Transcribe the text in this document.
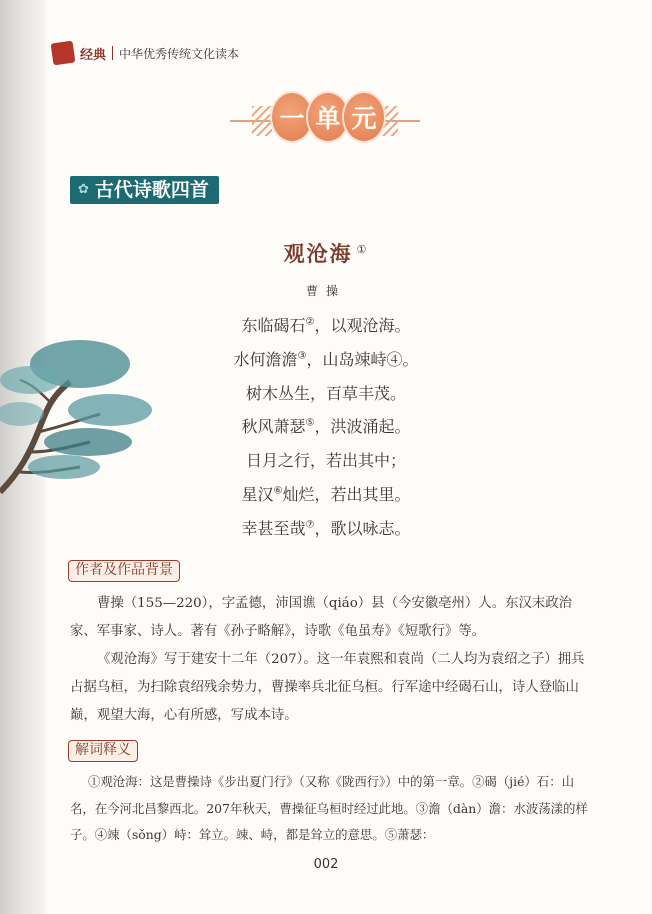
经典 中华优秀传统文化读本
一 单 元
✿ 古代诗歌四首
观沧海 ①
曹操
东临碣石②，以观沧海。
水何澹澹③，山岛竦峙④。
树木丛生，百草丰茂。
秋风萧瑟⑤，洪波涌起。
日月之行，若出其中；
星汉⑥灿烂，若出其里。
幸甚至哉⑦，歌以咏志。
作者及作品背景

曹操（155—220），字孟德，沛国谯（qiáo）县（今安徽亳州）人。东汉末政治家、军事家、诗人。著有《孙子略解》，诗歌《龟虽寿》《短歌行》等。

《观沧海》写于建安十二年（207）。这一年袁熙和袁尚（二人均为袁绍之子）拥兵占据乌桓，为扫除袁绍残余势力，曹操率兵北征乌桓。行军途中经碣石山，诗人登临山巅，观望大海，心有所感，写成本诗。

解词释义

①观沧海：这是曹操诗《步出夏门行》（又称《陇西行》）中的第一章。②碣（jié）石：山名，在今河北昌黎西北。207年秋天，曹操征乌桓时经过此地。③澹（dàn）澹：水波荡漾的样子。④竦（sǒng）峙：耸立。竦、峙，都是耸立的意思。⑤萧瑟：

002
